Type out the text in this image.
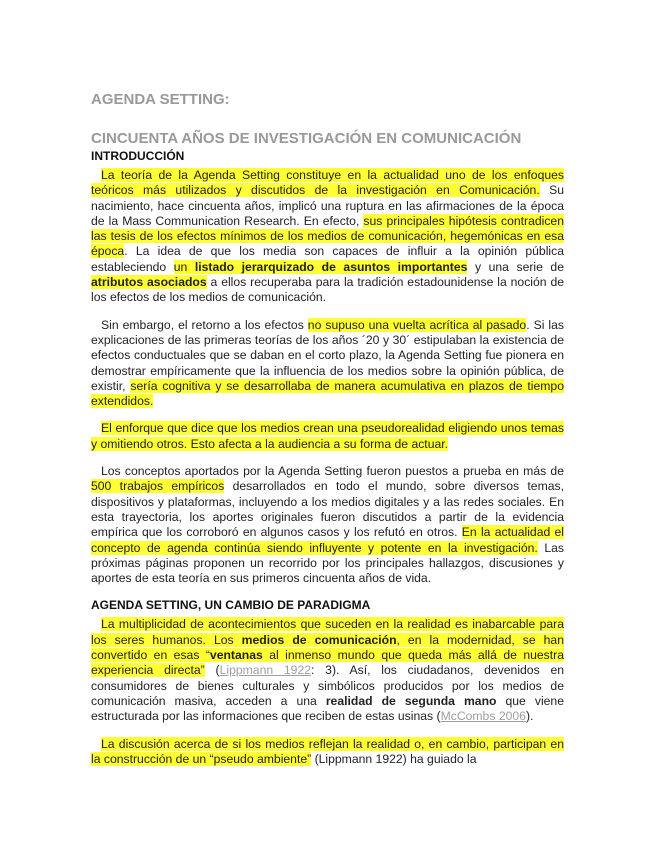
AGENDA SETTING:
CINCUENTA AÑOS DE INVESTIGACIÓN EN COMUNICACIÓN
INTRODUCCIÓN

La teoría de la Agenda Setting constituye en la actualidad uno de los enfoques teóricos más utilizados y discutidos de la investigación en Comunicación. Su nacimiento, hace cincuenta años, implicó una ruptura en las afirmaciones de la época de la Mass Communication Research. En efecto, sus principales hipótesis contradicen las tesis de los efectos mínimos de los medios de comunicación, hegemónicas en esa época. La idea de que los media son capaces de influir a la opinión pública estableciendo un listado jerarquizado de asuntos importantes y una serie de atributos asociados a ellos recuperaba para la tradición estadounidense la noción de los efectos de los medios de comunicación.

Sin embargo, el retorno a los efectos no supuso una vuelta acrítica al pasado. Si las explicaciones de las primeras teorías de los años ´20 y 30´ estipulaban la existencia de efectos conductuales que se daban en el corto plazo, la Agenda Setting fue pionera en demostrar empíricamente que la influencia de los medios sobre la opinión pública, de existir, sería cognitiva y se desarrollaba de manera acumulativa en plazos de tiempo extendidos.

El enforque que dice que los medios crean una pseudorealidad eligiendo unos temas y omitiendo otros. Esto afecta a la audiencia a su forma de actuar.

Los conceptos aportados por la Agenda Setting fueron puestos a prueba en más de 500 trabajos empíricos desarrollados en todo el mundo, sobre diversos temas, dispositivos y plataformas, incluyendo a los medios digitales y a las redes sociales. En esta trayectoria, los aportes originales fueron discutidos a partir de la evidencia empírica que los corroboró en algunos casos y los refutó en otros. En la actualidad el concepto de agenda continúa siendo influyente y potente en la investigación. Las próximas páginas proponen un recorrido por los principales hallazgos, discusiones y aportes de esta teoría en sus primeros cincuenta años de vida.

AGENDA SETTING, UN CAMBIO DE PARADIGMA

La multiplicidad de acontecimientos que suceden en la realidad es inabarcable para los seres humanos. Los medios de comunicación, en la modernidad, se han convertido en esas “ventanas al inmenso mundo que queda más allá de nuestra experiencia directa” (Lippmann 1922: 3). Así, los ciudadanos, devenidos en consumidores de bienes culturales y simbólicos producidos por los medios de comunicación masiva, acceden a una realidad de segunda mano que viene estructurada por las informaciones que reciben de estas usinas (McCombs 2006).

La discusión acerca de si los medios reflejan la realidad o, en cambio, participan en la construcción de un “pseudo ambiente” (Lippmann 1922) ha guiado la
